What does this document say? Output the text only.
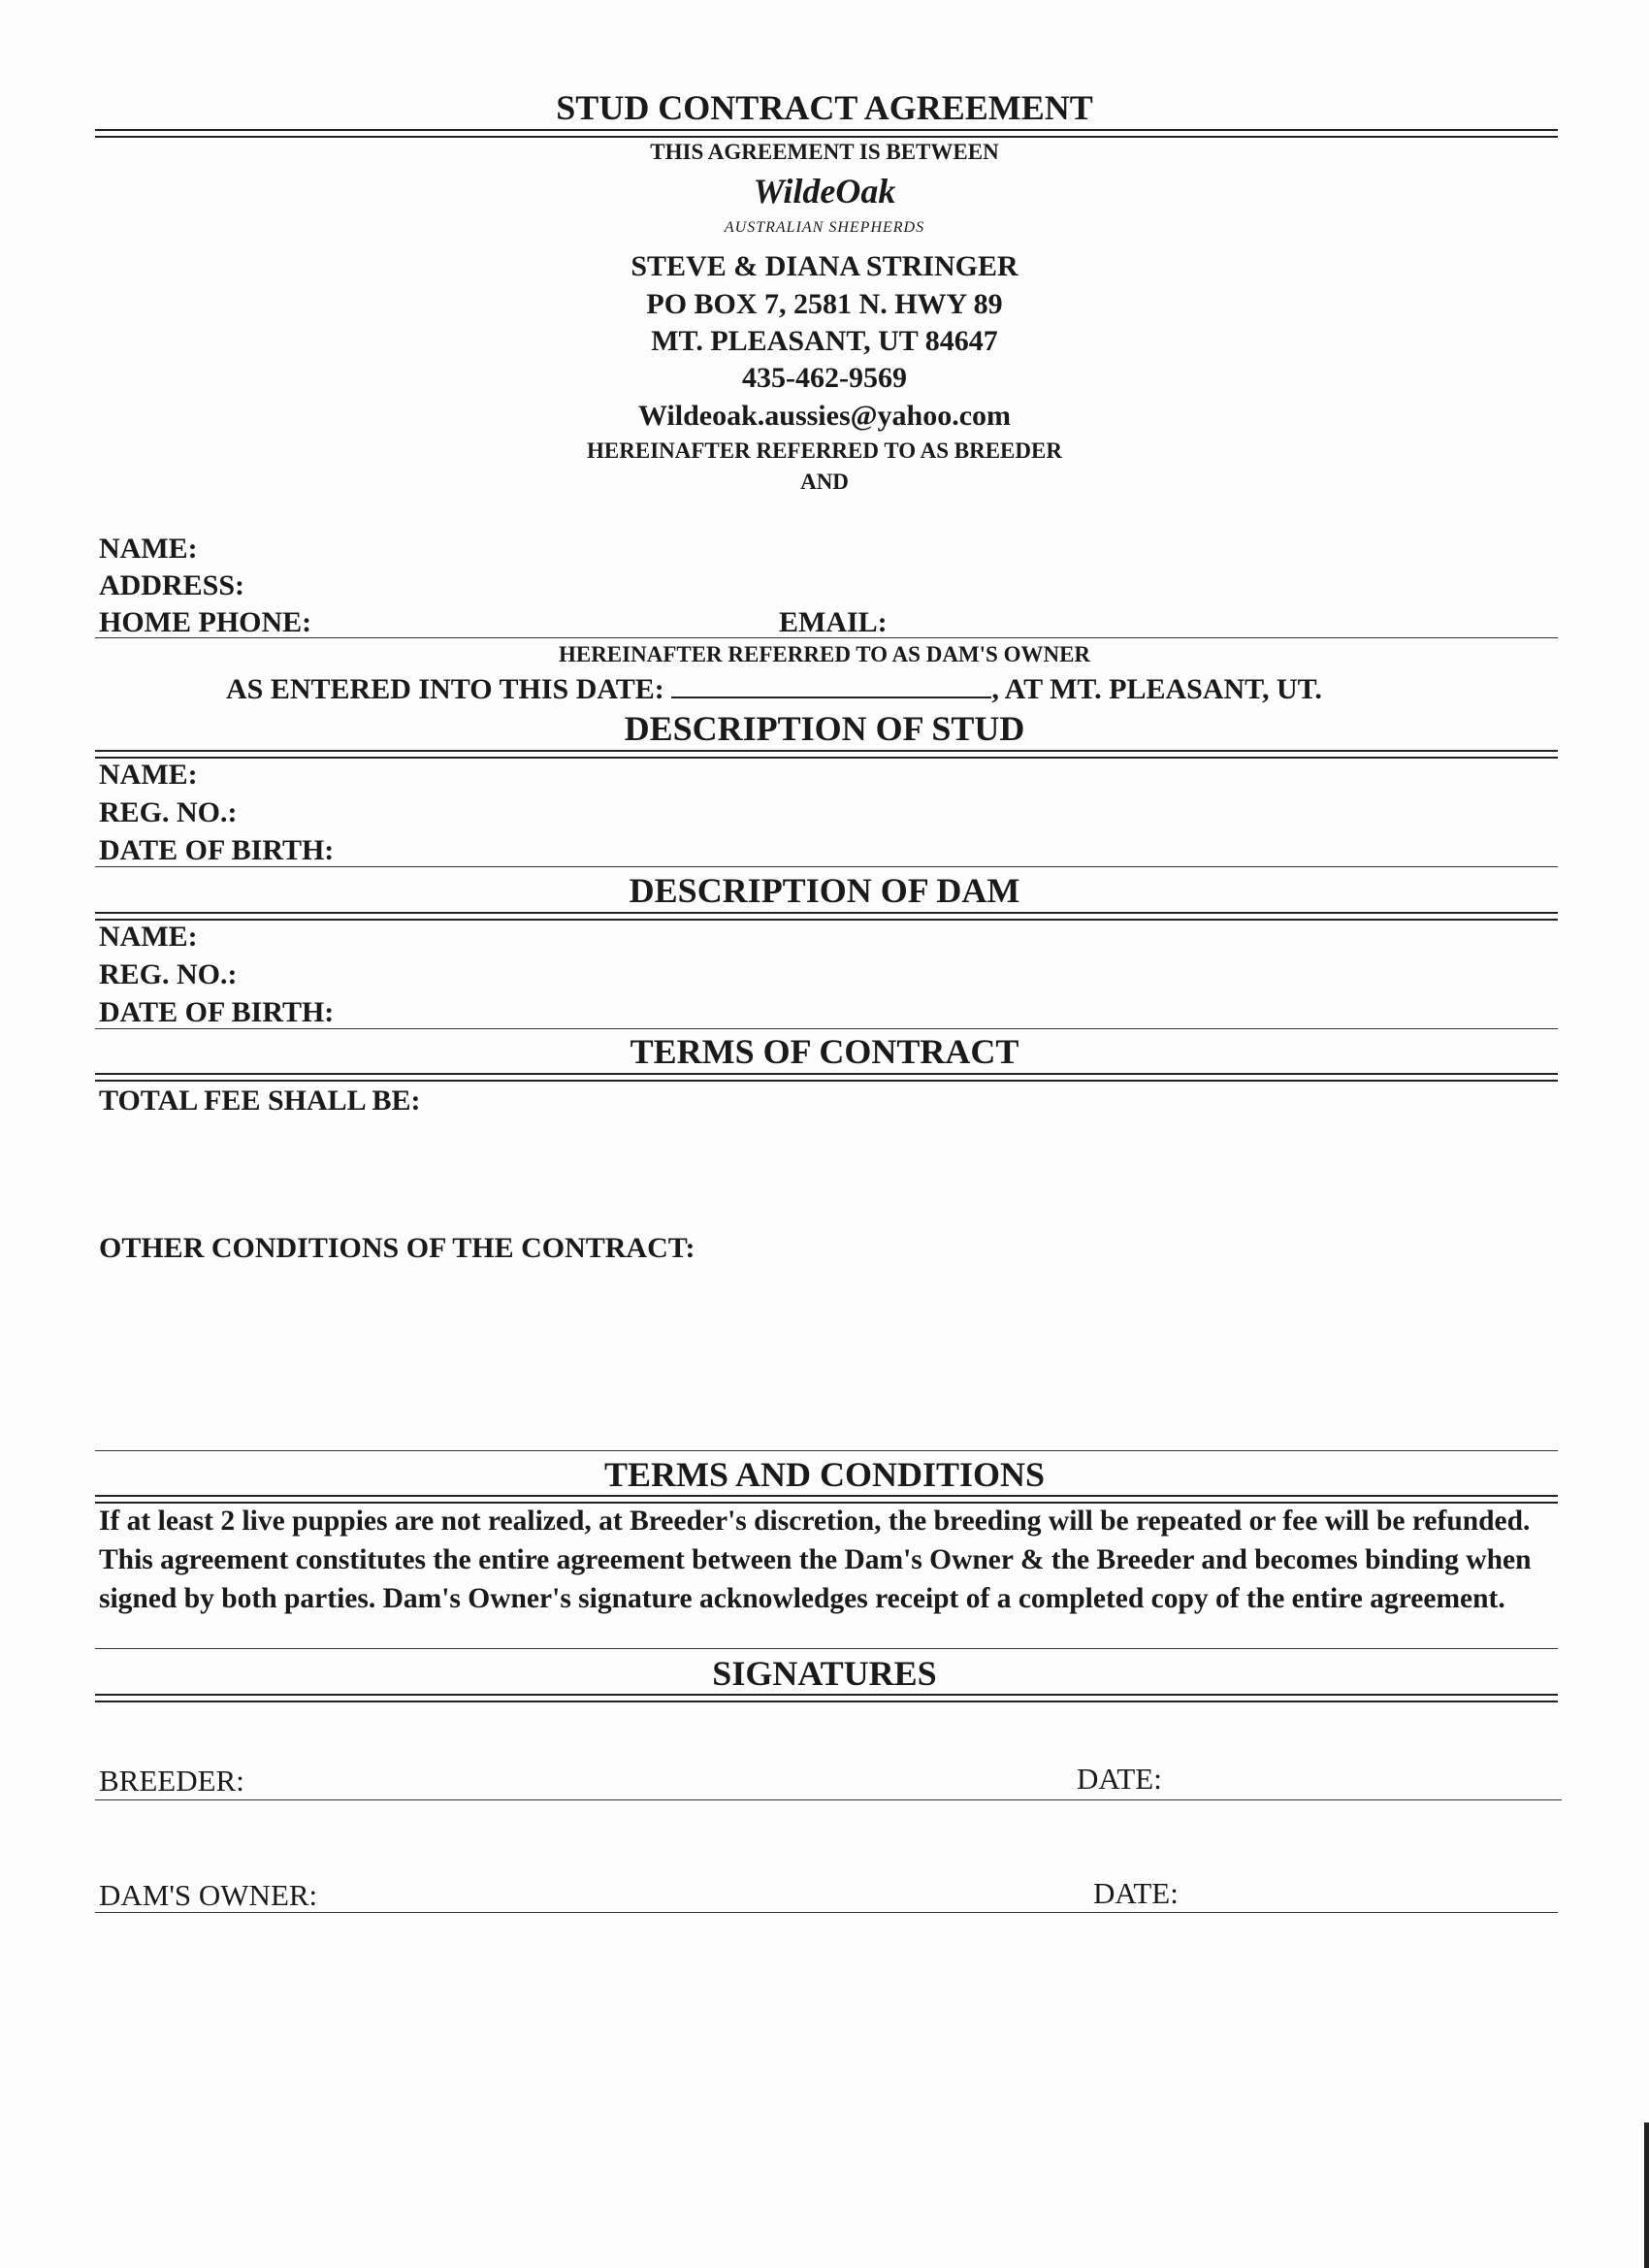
STUD CONTRACT AGREEMENT
THIS AGREEMENT IS BETWEEN
WildeOak
AUSTRALIAN SHEPHERDS
STEVE & DIANA STRINGER
PO BOX 7, 2581 N. HWY 89
MT. PLEASANT, UT 84647
435-462-9569
Wildeoak.aussies@yahoo.com
HEREINAFTER REFERRED TO AS BREEDER
AND
NAME:
ADDRESS:
HOME PHONE:	EMAIL:
HEREINAFTER REFERRED TO AS DAM'S OWNER
AS ENTERED INTO THIS DATE:	, AT MT. PLEASANT, UT.
DESCRIPTION OF STUD
NAME:
REG. NO.:
DATE OF BIRTH:
DESCRIPTION OF DAM
NAME:
REG. NO.:
DATE OF BIRTH:
TERMS OF CONTRACT
TOTAL FEE SHALL BE:
OTHER CONDITIONS OF THE CONTRACT:
TERMS AND CONDITIONS
If at least 2 live puppies are not realized, at Breeder's discretion, the breeding will be repeated or fee will be refunded. This agreement constitutes the entire agreement between the Dam's Owner & the Breeder and becomes binding when signed by both parties. Dam's Owner's signature acknowledges receipt of a completed copy of the entire agreement.
SIGNATURES
BREEDER:	DATE:
DAM'S OWNER:	DATE:
